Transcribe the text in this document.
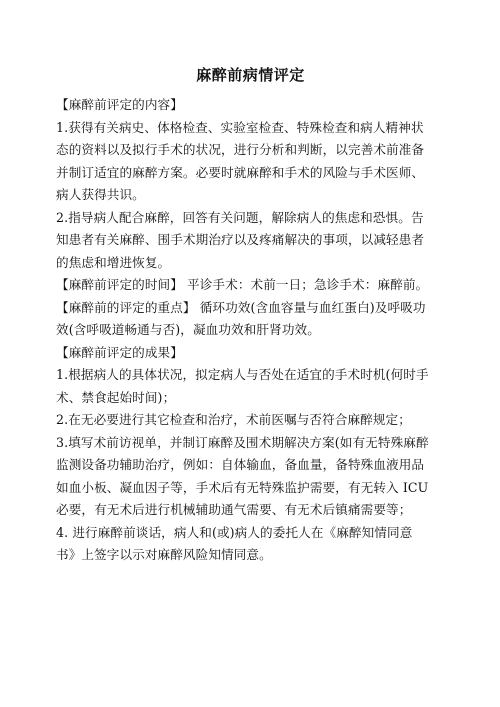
麻醉前病情评定
【麻醉前评定的内容】
1.获得有关病史、体格检查、实验室检查、特殊检查和病人精神状
态的资料以及拟行手术的状况，进行分析和判断，以完善术前准备
并制订适宜的麻醉方案。必要时就麻醉和手术的风险与手术医师、
病人获得共识。
2.指导病人配合麻醉，回答有关问题，解除病人的焦虑和恐惧。告
知患者有关麻醉、围手术期治疗以及疼痛解决的事项，以减轻患者
的焦虑和增进恢复。
【麻醉前评定的时间】 平诊手术：术前一日；急诊手术：麻醉前。
【麻醉前的评定的重点】 循环功效(含血容量与血红蛋白)及呼吸功
效(含呼吸道畅通与否)，凝血功效和肝肾功效。
【麻醉前评定的成果】
1.根据病人的具体状况，拟定病人与否处在适宜的手术时机(何时手
术、禁食起始时间)；
2.在无必要进行其它检查和治疗，术前医嘱与否符合麻醉规定；
3.填写术前访视单，并制订麻醉及围术期解决方案(如有无特殊麻醉
监测设备功辅助治疗，例如：自体输血，备血量，备特殊血液用品
如血小板、凝血因子等，手术后有无特殊监护需要，有无转入 ICU
必要，有无术后进行机械辅助通气需要、有无术后镇痛需要等；
4. 进行麻醉前谈话，病人和(或)病人的委托人在《麻醉知情同意
书》上签字以示对麻醉风险知情同意。
